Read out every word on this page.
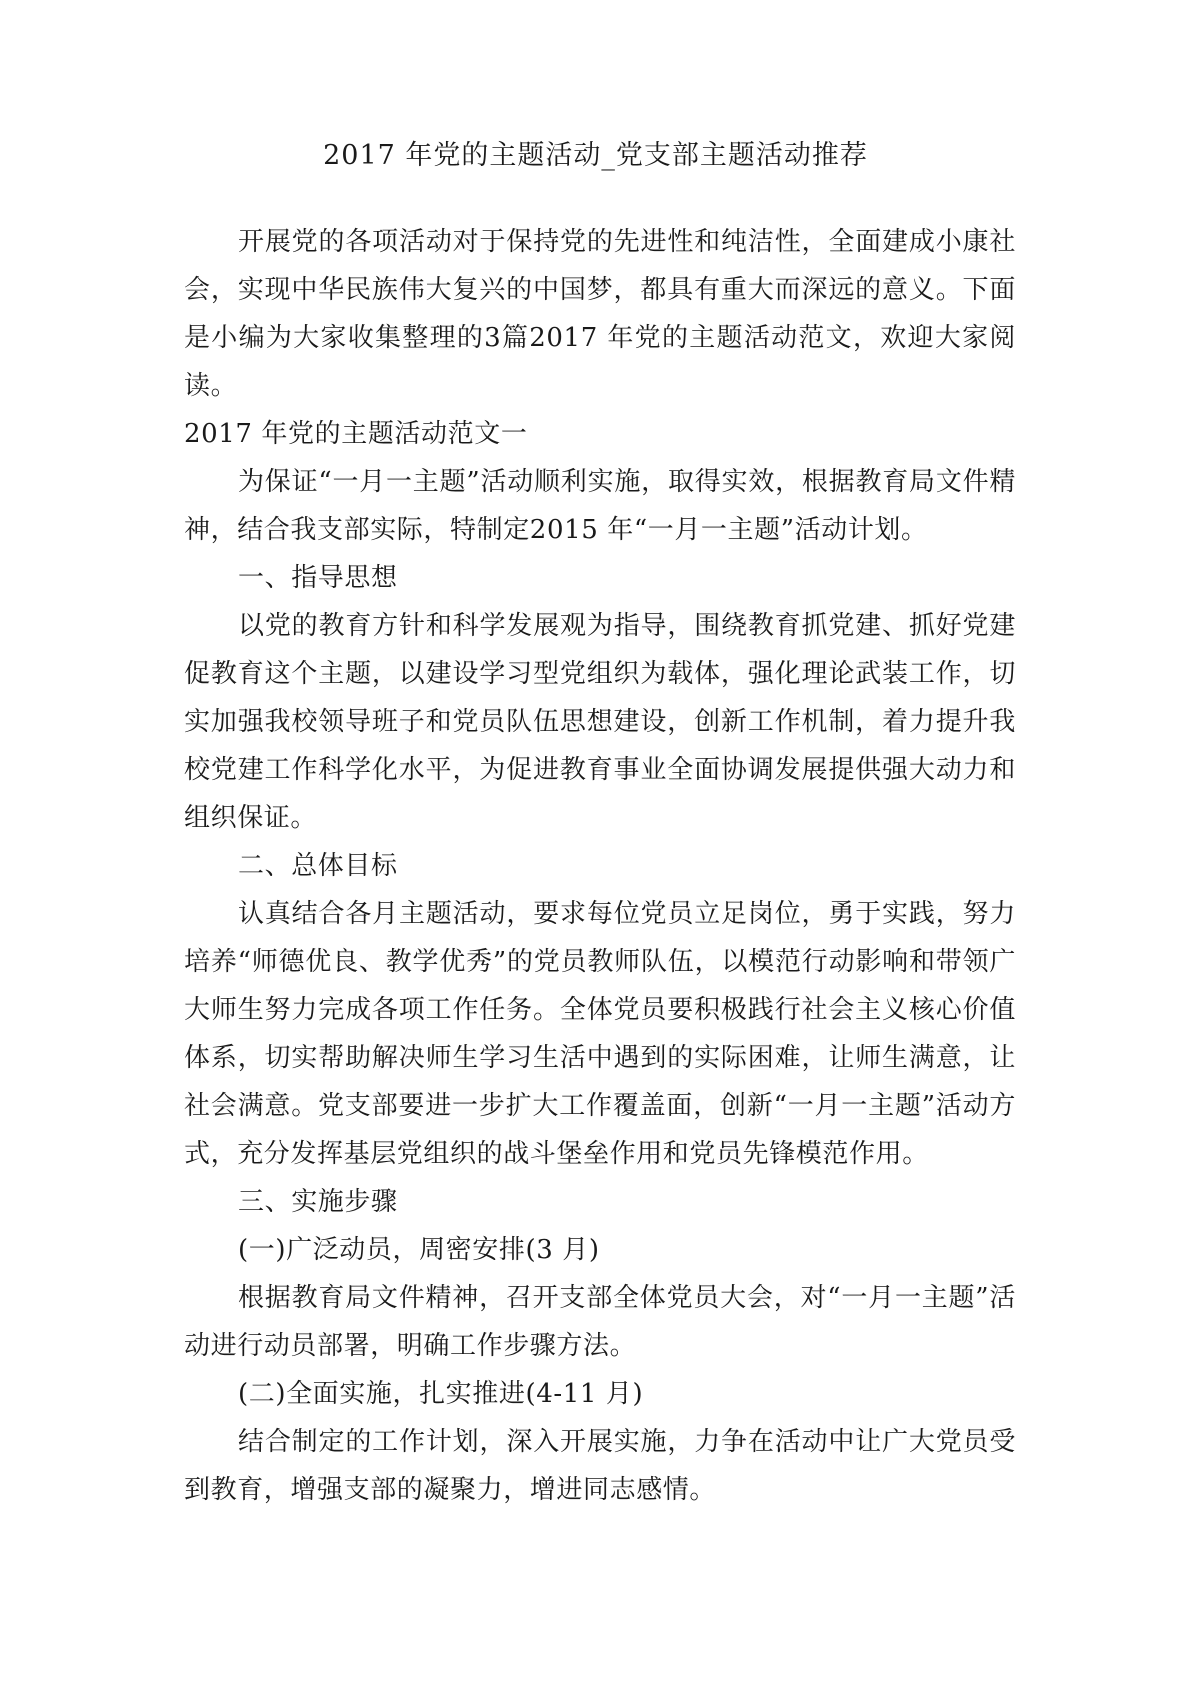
2017 年党的主题活动_党支部主题活动推荐

开展党的各项活动对于保持党的先进性和纯洁性，全面建成小康社会，实现中华民族伟大复兴的中国梦，都具有重大而深远的意义。下面是小编为大家收集整理的3篇2017 年党的主题活动范文，欢迎大家阅读。

2017 年党的主题活动范文一

为保证“一月一主题”活动顺利实施，取得实效，根据教育局文件精神，结合我支部实际，特制定2015 年“一月一主题”活动计划。

一、指导思想

以党的教育方针和科学发展观为指导，围绕教育抓党建、抓好党建促教育这个主题，以建设学习型党组织为载体，强化理论武装工作，切实加强我校领导班子和党员队伍思想建设，创新工作机制，着力提升我校党建工作科学化水平，为促进教育事业全面协调发展提供强大动力和组织保证。

二、总体目标

认真结合各月主题活动，要求每位党员立足岗位，勇于实践，努力培养“师德优良、教学优秀”的党员教师队伍，以模范行动影响和带领广大师生努力完成各项工作任务。全体党员要积极践行社会主义核心价值体系，切实帮助解决师生学习生活中遇到的实际困难，让师生满意，让社会满意。党支部要进一步扩大工作覆盖面，创新“一月一主题”活动方式，充分发挥基层党组织的战斗堡垒作用和党员先锋模范作用。

三、实施步骤

(一)广泛动员，周密安排(3 月)

根据教育局文件精神，召开支部全体党员大会，对“一月一主题”活动进行动员部署，明确工作步骤方法。

(二)全面实施，扎实推进(4-11 月)

结合制定的工作计划，深入开展实施，力争在活动中让广大党员受到教育，增强支部的凝聚力，增进同志感情。
